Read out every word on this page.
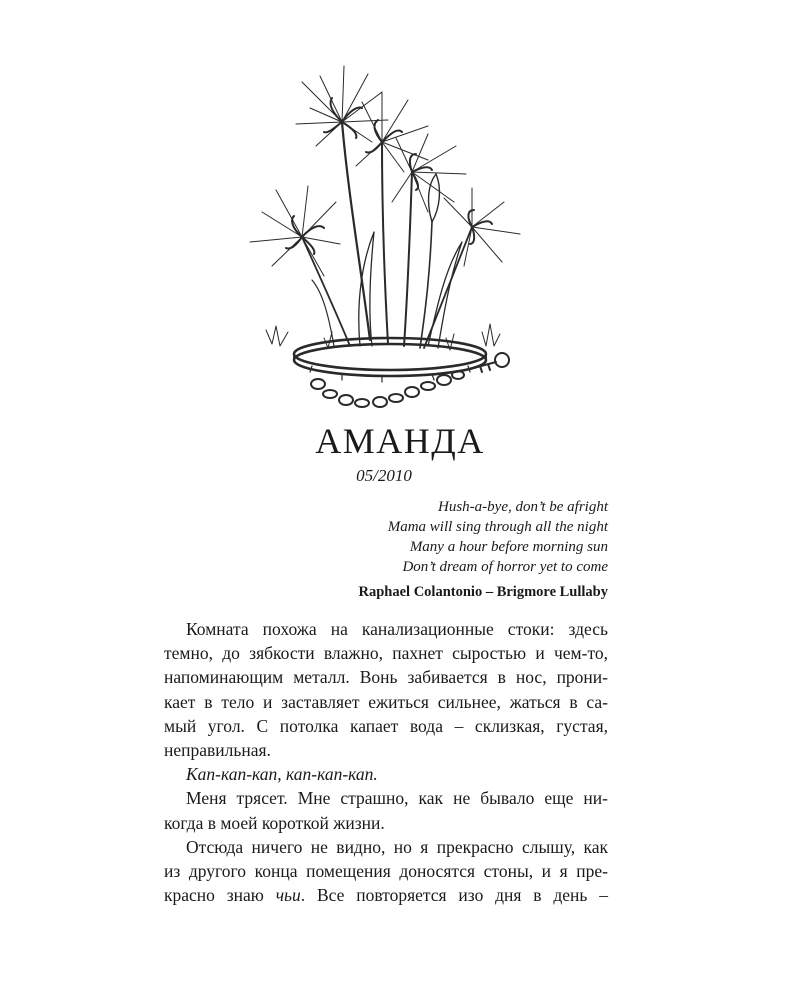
АМАНДА
05/2010
Hush-a-bye, don’t be afright
Mama will sing through all the night
Many a hour before morning sun
Don’t dream of horror yet to come
Raphael Colantonio – Brigmore Lullaby
Комната похожа на канализационные стоки: здесь
темно, до зябкости влажно, пахнет сыростью и чем-то,
напоминающим металл. Вонь забивается в нос, прони-
кает в тело и заставляет ежиться сильнее, жаться в са-
мый угол. С потолка капает вода – склизкая, густая,
неправильная.
Кап-кап-кап, кап-кап-кап.
Меня трясет. Мне страшно, как не бывало еще ни-
когда в моей короткой жизни.
Отсюда ничего не видно, но я прекрасно слышу, как
из другого конца помещения доносятся стоны, и я пре-
красно знаю чьи. Все повторяется изо дня в день –
